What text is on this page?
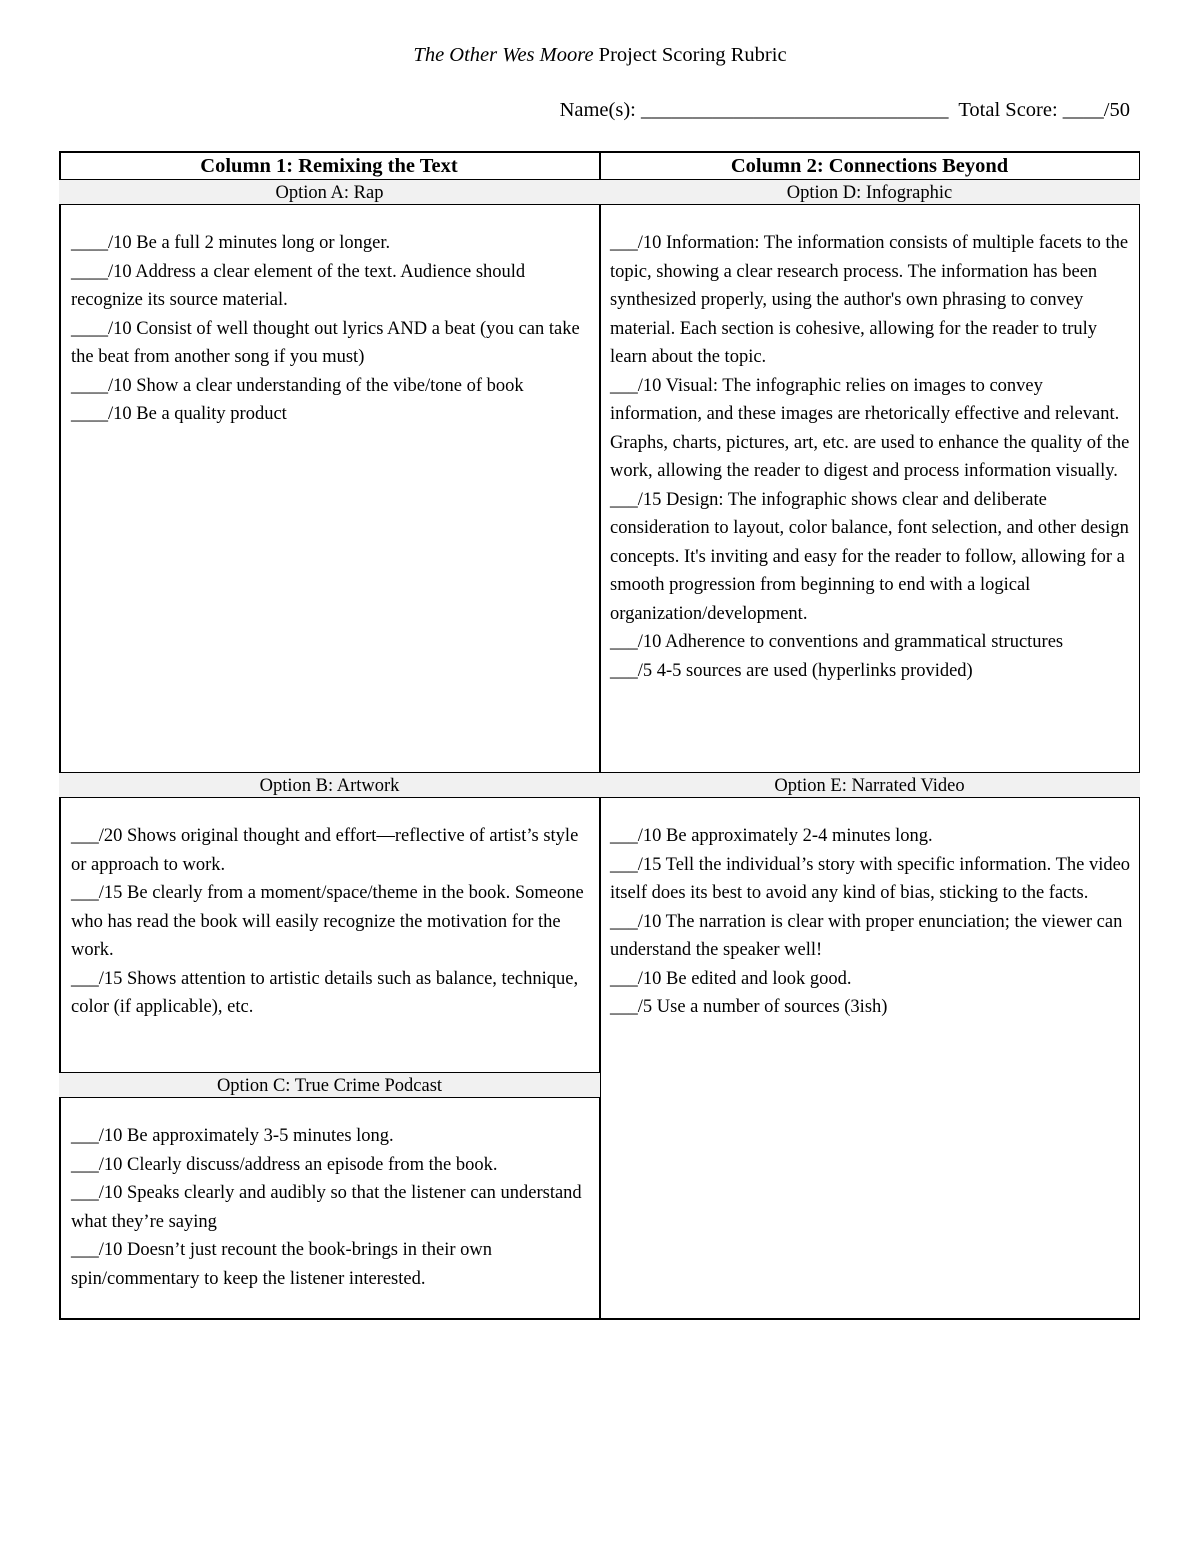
The Other Wes Moore Project Scoring Rubric
Name(s): ______________________________  Total Score: ____/50
Column 1: Remixing the Text	Column 2: Connections Beyond
Option A: Rap
____/10 Be a full 2 minutes long or longer.
____/10 Address a clear element of the text. Audience should recognize its source material.
____/10 Consist of well thought out lyrics AND a beat (you can take the beat from another song if you must)
____/10 Show a clear understanding of the vibe/tone of book
____/10 Be a quality product
Option D: Infographic
___/10 Information: The information consists of multiple facets to the topic, showing a clear research process. The information has been synthesized properly, using the author's own phrasing to convey material. Each section is cohesive, allowing for the reader to truly learn about the topic.
___/10 Visual: The infographic relies on images to convey information, and these images are rhetorically effective and relevant. Graphs, charts, pictures, art, etc. are used to enhance the quality of the work, allowing the reader to digest and process information visually.
___/15 Design: The infographic shows clear and deliberate consideration to layout, color balance, font selection, and other design concepts. It's inviting and easy for the reader to follow, allowing for a smooth progression from beginning to end with a logical organization/development.
___/10 Adherence to conventions and grammatical structures
___/5 4-5 sources are used (hyperlinks provided)
Option B: Artwork
___/20 Shows original thought and effort—reflective of artist’s style or approach to work.
___/15 Be clearly from a moment/space/theme in the book. Someone who has read the book will easily recognize the motivation for the work.
___/15 Shows attention to artistic details such as balance, technique, color (if applicable), etc.
Option E: Narrated Video
___/10 Be approximately 2-4 minutes long.
___/15 Tell the individual’s story with specific information. The video itself does its best to avoid any kind of bias, sticking to the facts.
___/10 The narration is clear with proper enunciation; the viewer can understand the speaker well!
___/10 Be edited and look good.
___/5 Use a number of sources (3ish)
Option C: True Crime Podcast
___/10 Be approximately 3-5 minutes long.
___/10 Clearly discuss/address an episode from the book.
___/10 Speaks clearly and audibly so that the listener can understand what they’re saying
___/10 Doesn’t just recount the book-brings in their own spin/commentary to keep the listener interested.
